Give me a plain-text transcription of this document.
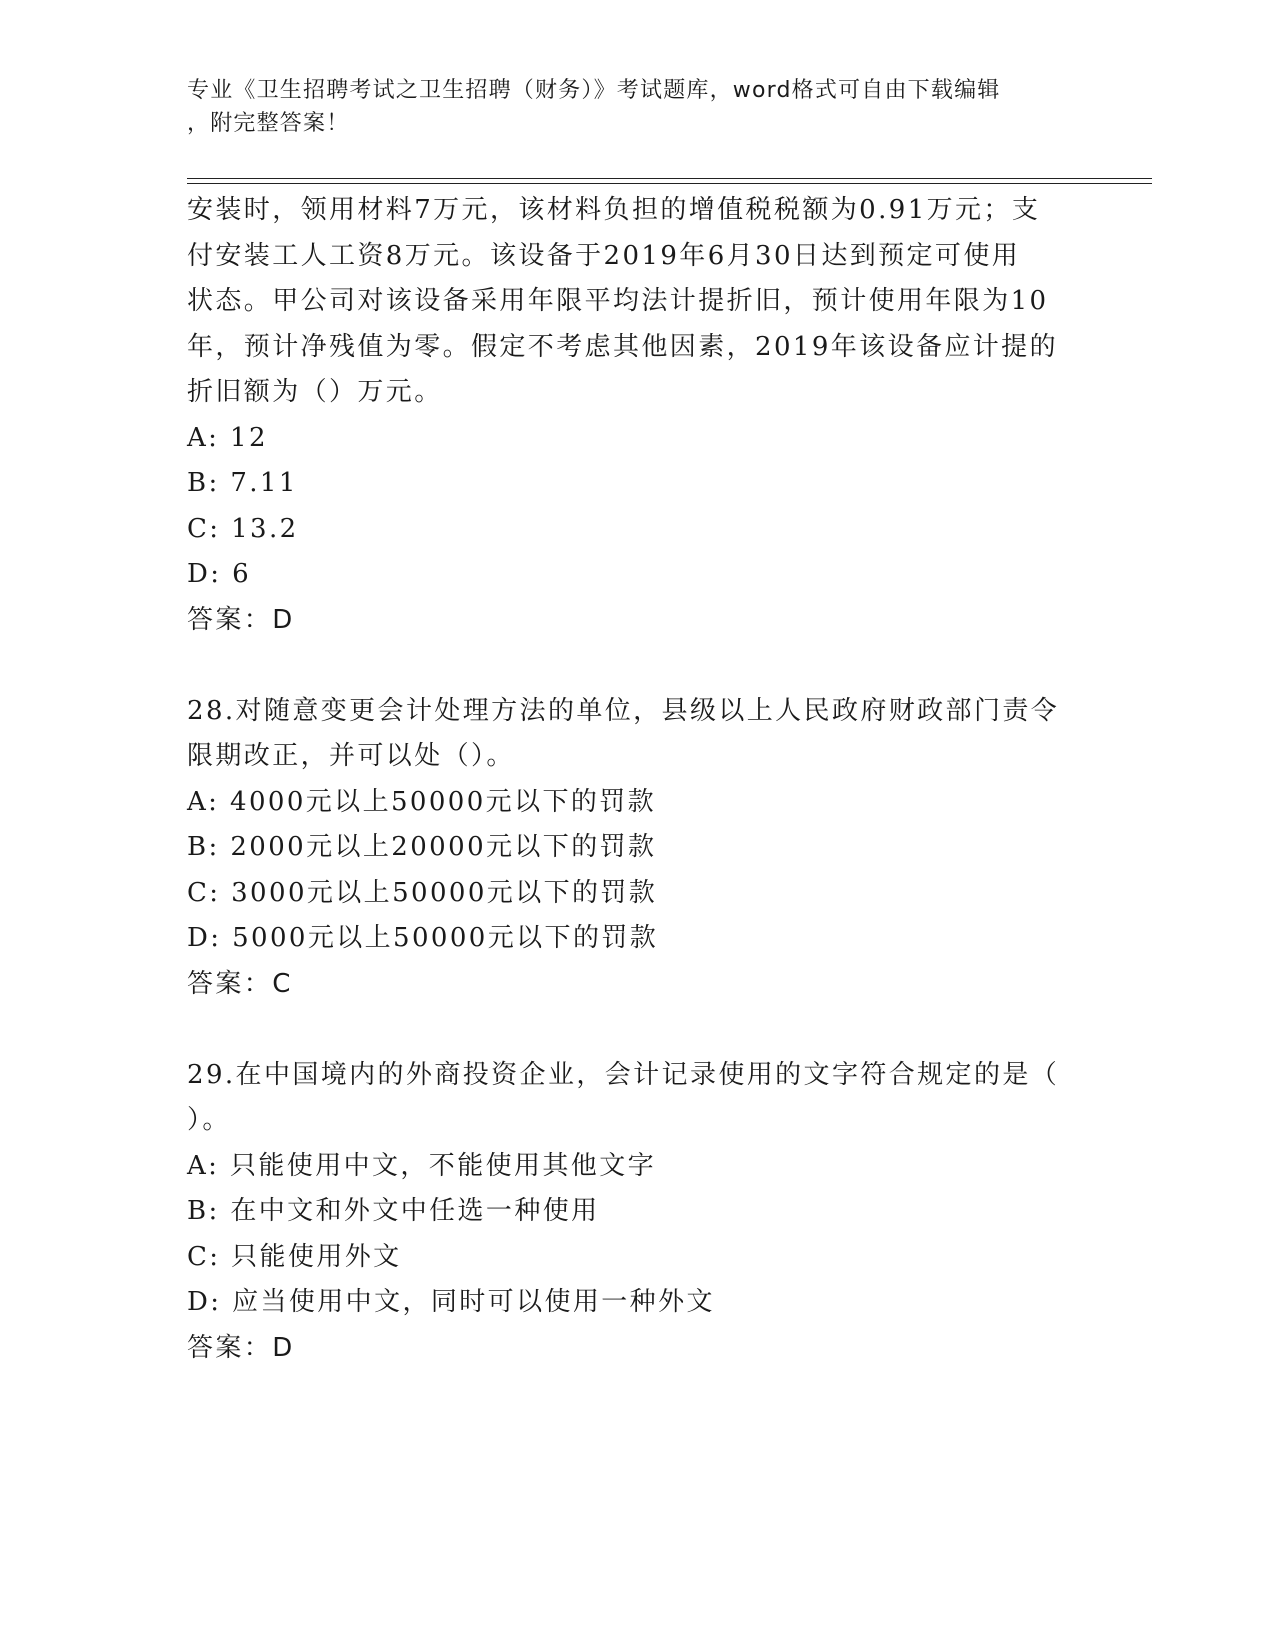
专业《卫生招聘考试之卫生招聘（财务）》考试题库，word格式可自由下载编辑
，附完整答案！

安装时，领用材料7万元，该材料负担的增值税税额为0.91万元；支

付安装工人工资8万元。该设备于2019年6月30日达到预定可使用

状态。甲公司对该设备采用年限平均法计提折旧，预计使用年限为10

年，预计净残值为零。假定不考虑其他因素，2019年该设备应计提的

折旧额为（）万元。

A: 12

B: 7.11

C: 13.2

D: 6

答案：D

28.对随意变更会计处理方法的单位，县级以上人民政府财政部门责令

限期改正，并可以处（）。

A: 4000元以上50000元以下的罚款

B: 2000元以上20000元以下的罚款

C: 3000元以上50000元以下的罚款

D: 5000元以上50000元以下的罚款

答案：C

29.在中国境内的外商投资企业，会计记录使用的文字符合规定的是（

）。

A: 只能使用中文，不能使用其他文字

B: 在中文和外文中任选一种使用

C: 只能使用外文

D: 应当使用中文，同时可以使用一种外文

答案：D
